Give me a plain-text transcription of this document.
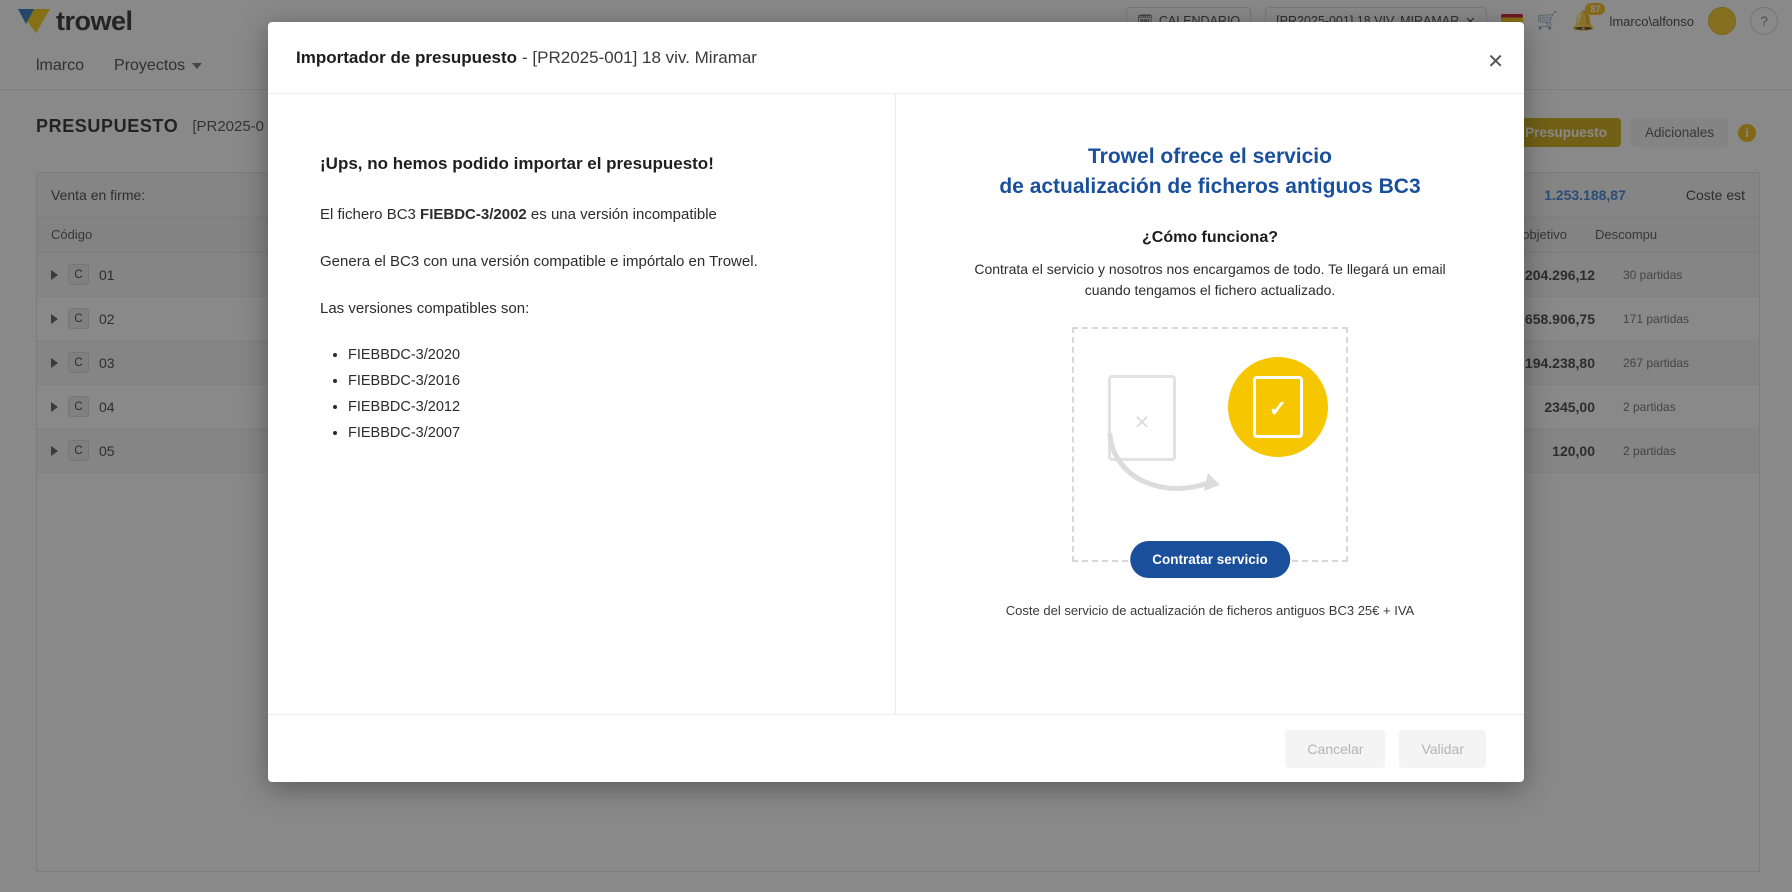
Importador de presupuesto - [PR2025-001] 18 viv. Miramar	✕

¡Ups, no hemos podido importar el presupuesto!

El fichero BC3 FIEBDC-3/2002 es una versión incompatible

Genera el BC3 con una versión compatible e impórtalo en Trowel.

Las versiones compatibles son:

• FIEBBDC-3/2020
• FIEBBDC-3/2016
• FIEBBDC-3/2012
• FIEBBDC-3/2007

Trowel ofrece el servicio
de actualización de ficheros antiguos BC3

¿Cómo funciona?

Contrata el servicio y nosotros nos encargamos de todo. Te llegará un email cuando tengamos el fichero actualizado.

×
✓
Contratar servicio

Coste del servicio de actualización de ficheros antiguos BC3 25€ + IVA

Cancelar	Validar
